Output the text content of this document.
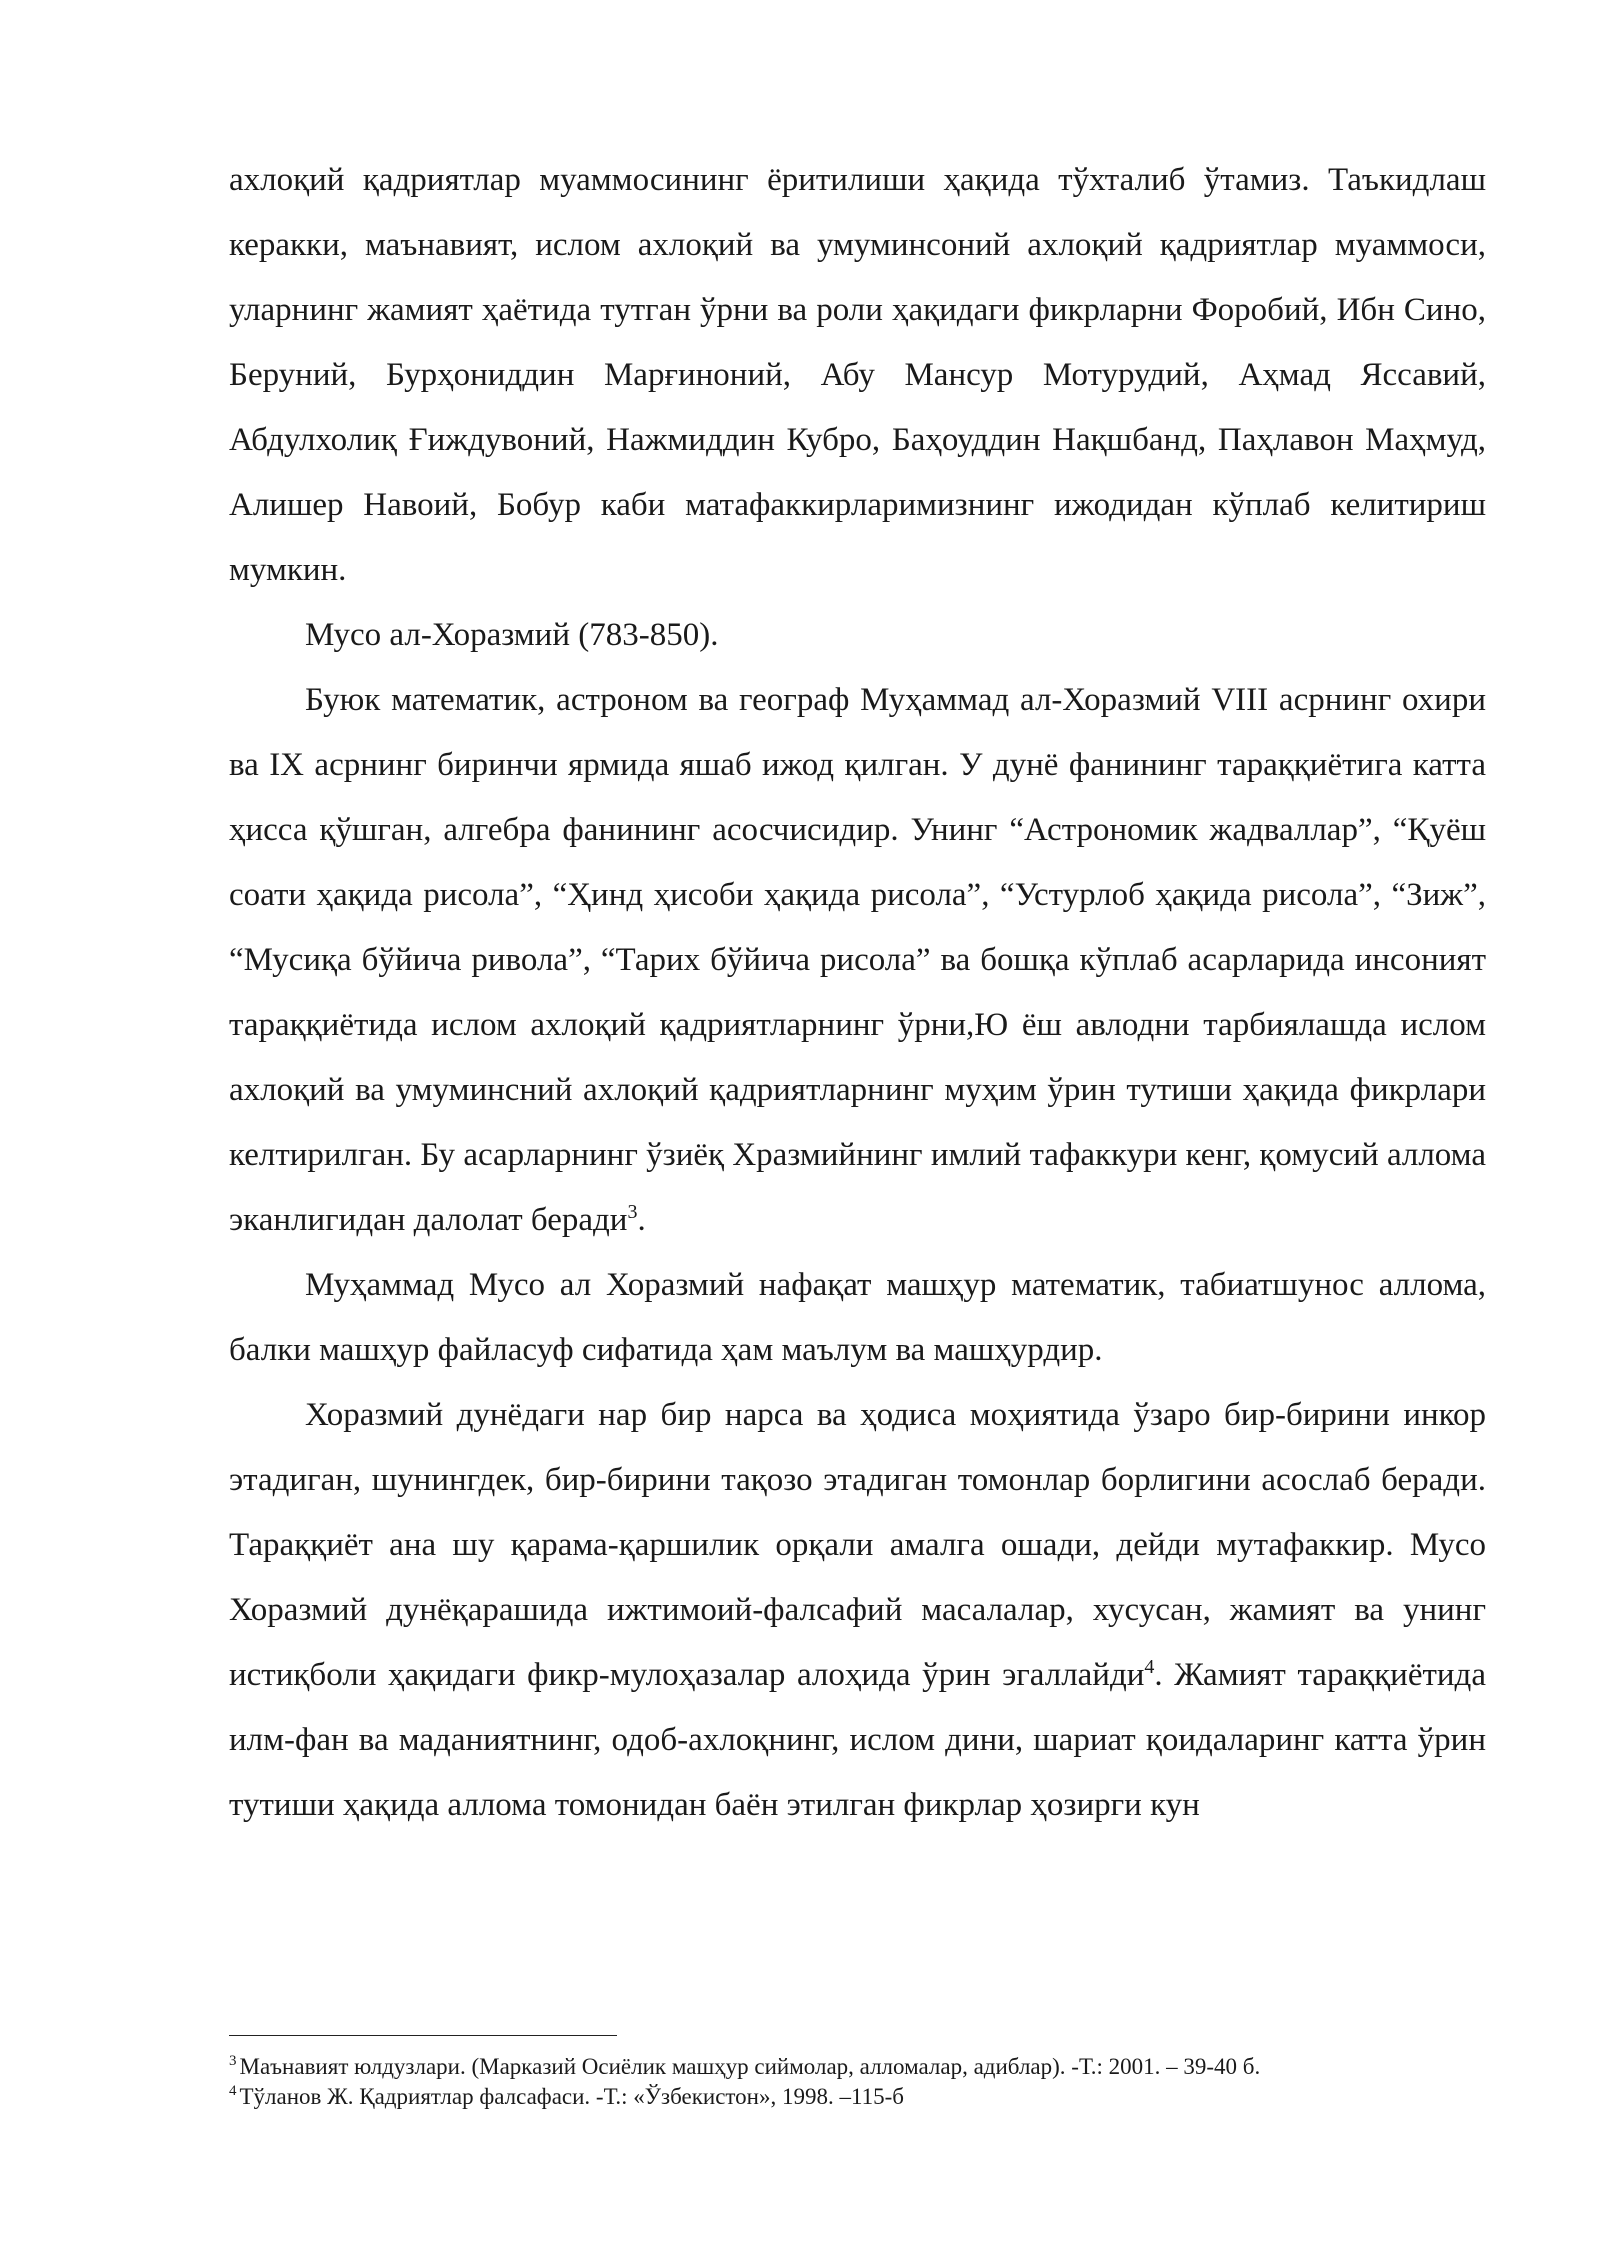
ахлоқий қадриятлар муаммосининг ёритилиши ҳақида тўхталиб ўтамиз. Таъкидлаш керакки, маънавият, ислом ахлоқий ва умуминсоний ахлоқий қадриятлар муаммоси, уларнинг жамият ҳаётида тутган ўрни ва роли ҳақидаги фикрларни Форобий, Ибн Сино, Беруний, Бурҳониддин Марғиноний, Абу Мансур Мотурудий, Аҳмад Яссавий, Абдулхолиқ Ғиждувоний, Нажмиддин Кубро, Баҳоуддин Нақшбанд, Паҳлавон Маҳмуд, Алишер Навоий, Бобур каби матафаккирларимизнинг ижодидан кўплаб келитириш мумкин.

Мусо ал-Хоразмий (783-850).

Буюк математик, астроном ва географ Муҳаммад ал-Хоразмий VIII асрнинг охири ва IX асрнинг биринчи ярмида яшаб ижод қилган. У дунё фанининг тараққиётига катта ҳисса қўшган, алгебра фанининг асосчисидир. Унинг “Астрономик жадваллар”, “Қуёш соати ҳақида рисола”, “Ҳинд ҳисоби ҳақида рисола”, “Устурлоб ҳақида рисола”, “Зиж”, “Мусиқа бўйича ривола”, “Тарих бўйича рисола” ва бошқа кўплаб асарларида инсоният тараққиётида ислом ахлоқий қадриятларнинг ўрни,Ю ёш авлодни тарбиялашда ислом ахлоқий ва умуминсний ахлоқий қадриятларнинг муҳим ўрин тутиши ҳақида фикрлари келтирилган. Бу асарларнинг ўзиёқ Хразмийнинг имлий тафаккури кенг, қомусий аллома эканлигидан далолат беради$^3$.

Муҳаммад Мусо ал Хоразмий нафақат машҳур математик, табиатшунос аллома, балки машҳур файласуф сифатида ҳам маълум ва машҳурдир.

Хоразмий дунёдаги нар бир нарса ва ҳодиса моҳиятида ўзаро бир-бирини инкор этадиган, шунингдек, бир-бирини тақозо этадиган томонлар борлигини асослаб беради. Тараққиёт ана шу қарама-қаршилик орқали амалга ошади, дейди мутафаккир. Мусо Хоразмий дунёқарашида ижтимоий-фалсафий масалалар, хусусан, жамият ва унинг истиқболи ҳақидаги фикр-мулоҳазалар алоҳида ўрин эгаллайди$^4$. Жамият тараққиётида илм-фан ва маданиятнинг, одоб-ахлоқнинг, ислом дини, шариат қоидаларинг катта ўрин тутиши ҳақида аллома томонидан баён этилган фикрлар ҳозирги кун

$^3$ Маънавият юлдузлари. (Марказий Осиёлик машҳур сиймолар, алломалар, адиблар). -Т.: 2001. – 39-40 б.

$^4$ Тўланов Ж. Қадриятлар фалсафаси. -Т.: «Ўзбекистон», 1998. –115-б
